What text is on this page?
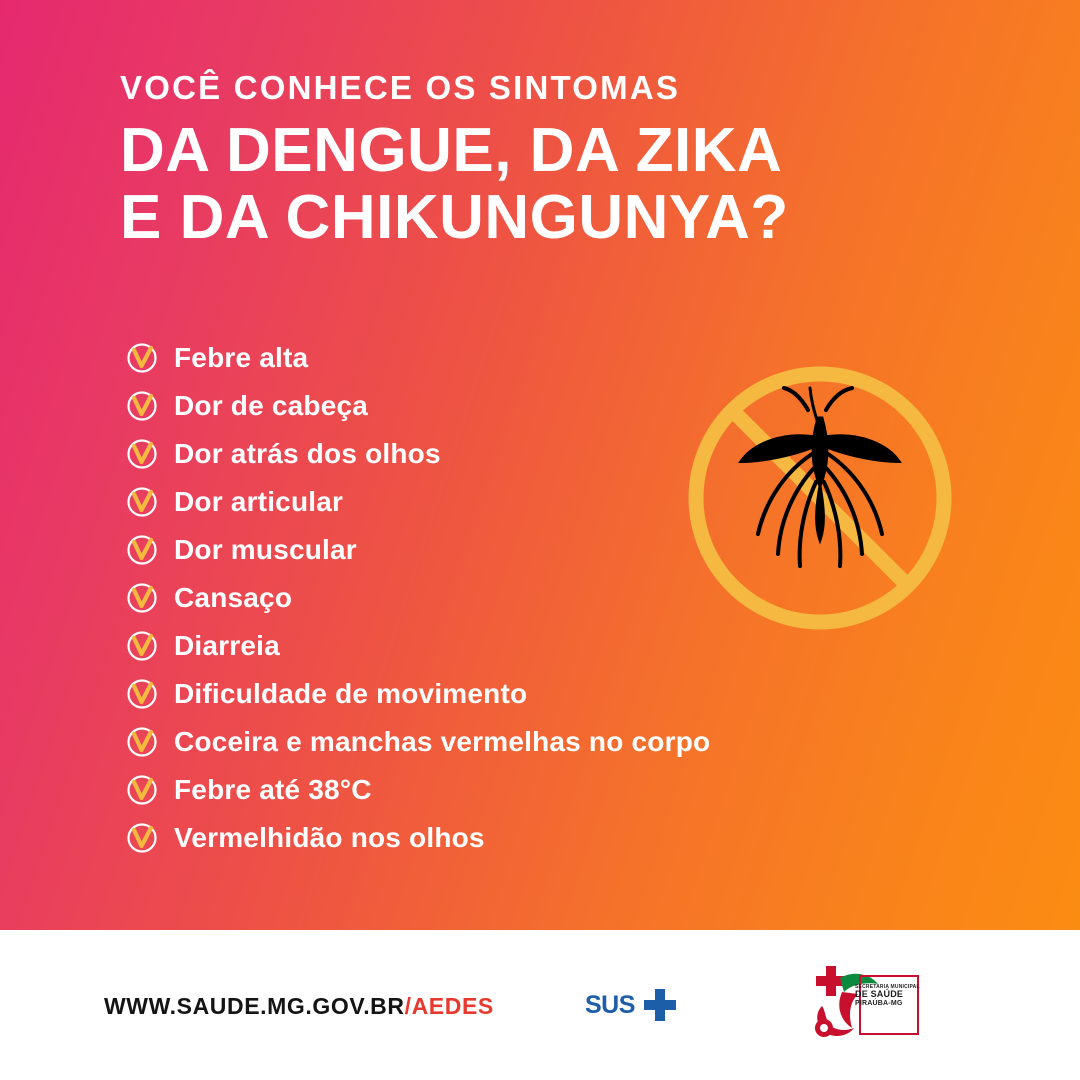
VOCÊ CONHECE OS SINTOMAS
DA DENGUE, DA ZIKA
E DA CHIKUNGUNYA?
Febre alta
Dor de cabeça
Dor atrás dos olhos
Dor articular
Dor muscular
Cansaço
Diarreia
Dificuldade de movimento
Coceira e manchas vermelhas no corpo
Febre até 38°C
Vermelhidão nos olhos
WWW.SAUDE.MG.GOV.BR/AEDES	SUS
SECRETARIA MUNICIPAL
DE SAÚDE
PIRAÚBA-MG
